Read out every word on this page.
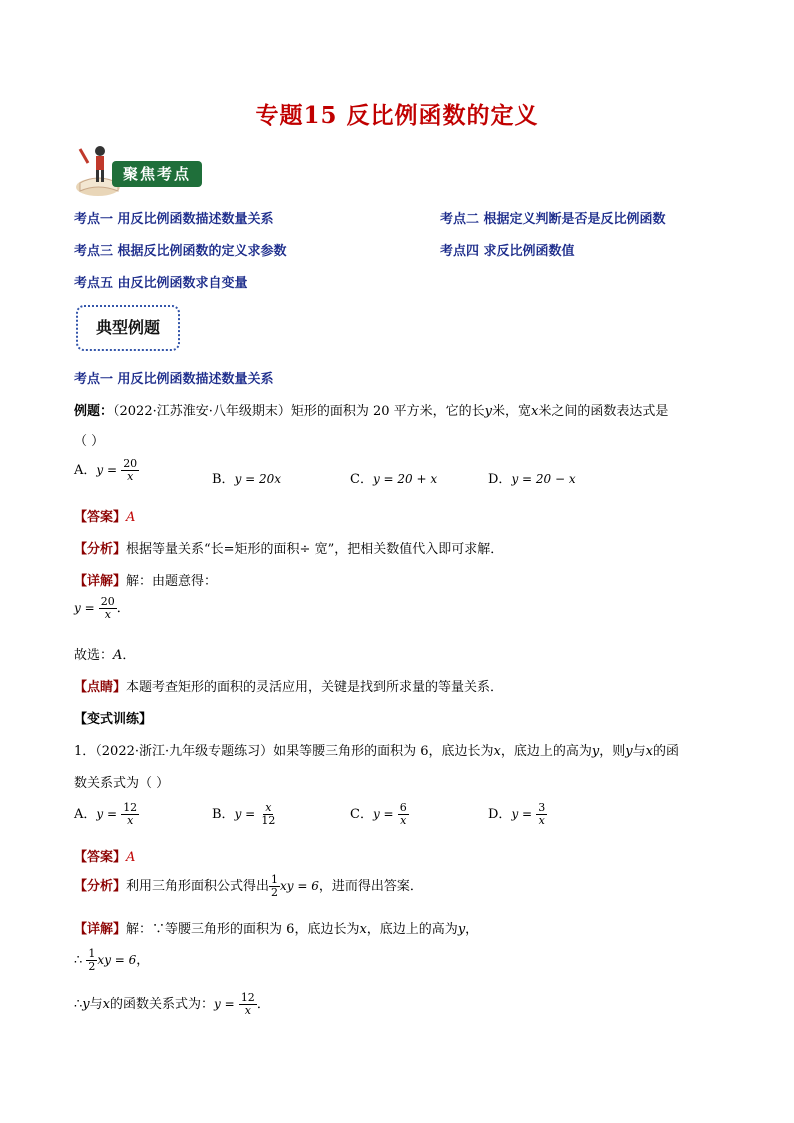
专题15 反比例函数的定义
聚焦考点
考点一 用反比例函数描述数量关系	考点二 根据定义判断是否是反比例函数
考点三 根据反比例函数的定义求参数	考点四 求反比例函数值
考点五 由反比例函数求自变量
典型例题
考点一 用反比例函数描述数量关系
例题：（2022·江苏淮安·八年级期末）矩形的面积为 20 平方米，它的长y米，宽x米之间的函数表达式是
（ ）
A．$y = \frac{20}{x}$	B．y = 20x	C．y = 20 + x	D．y = 20 − x
【答案】A
【分析】根据等量关系“长=矩形的面积÷ 宽”，把相关数值代入即可求解．
【详解】解：由题意得：
$y = \frac{20}{x}$ ．
故选：A．
【点睛】本题考查矩形的面积的灵活应用，关键是找到所求量的等量关系．
【变式训练】
1．（2022·浙江·九年级专题练习）如果等腰三角形的面积为 6，底边长为x，底边上的高为y，则y与x的函
数关系式为（ ）
A．$y = \frac{12}{x}$	B．$y = \frac{x}{12}$	C．$y = \frac{6}{x}$	D．$y = \frac{3}{x}$
【答案】A
【分析】利用三角形面积公式得出 $\frac{1}{2}$ xy = 6，进而得出答案．
【详解】解：∵等腰三角形的面积为 6，底边长为x，底边上的高为y，
∴ $\frac{1}{2}$ xy = 6，
∴y与x的函数关系式为：$y = \frac{12}{x}$ ．
